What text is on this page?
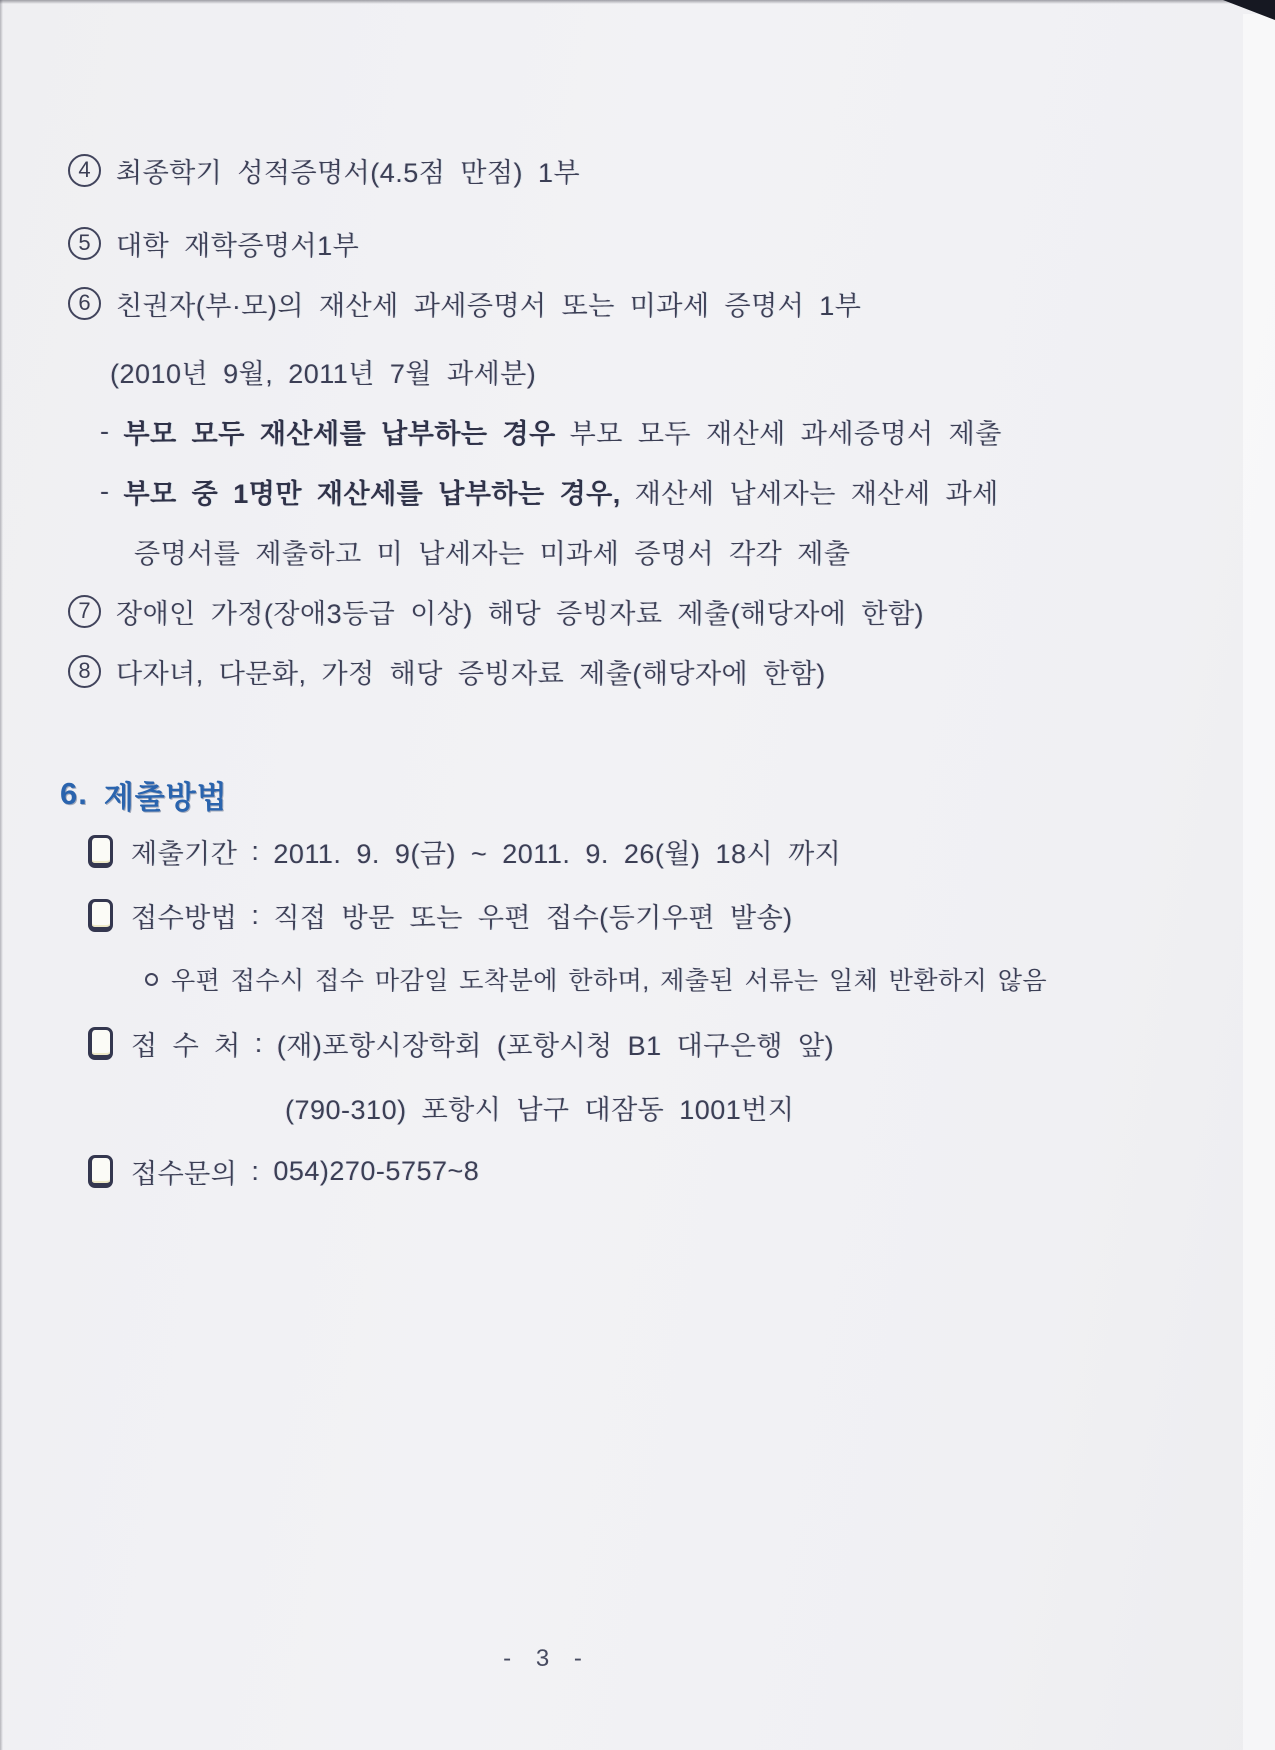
4 최종학기 성적증명서(4.5점 만점) 1부
5 대학 재학증명서1부
6 친권자(부·모)의 재산세 과세증명서 또는 미과세 증명서 1부
(2010년 9월, 2011년 7월 과세분)
- 부모 모두 재산세를 납부하는 경우 부모 모두 재산세 과세증명서 제출
- 부모 중 1명만 재산세를 납부하는 경우, 재산세 납세자는 재산세 과세
증명서를 제출하고 미 납세자는 미과세 증명서 각각 제출
7 장애인 가정(장애3등급 이상) 해당 증빙자료 제출(해당자에 한함)
8 다자녀, 다문화, 가정 해당 증빙자료 제출(해당자에 한함)
6. 제출방법
제출기간 : 2011. 9. 9(금) ~ 2011. 9. 26(월) 18시 까지
접수방법 : 직접 방문 또는 우편 접수(등기우편 발송)
우편 접수시 접수 마감일 도착분에 한하며, 제출된 서류는 일체 반환하지 않음
접 수 처 : (재)포항시장학회 (포항시청 B1 대구은행 앞)
(790-310) 포항시 남구 대잠동 1001번지
접수문의 : 054)270-5757~8
- 3 -
